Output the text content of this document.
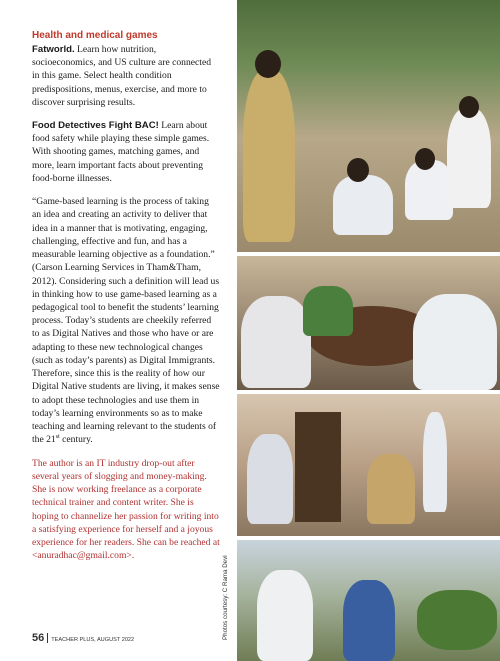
Health and medical games

Fatworld. Learn how nutrition, socioeconomics, and US culture are connected in this game. Select health condition predispositions, menus, exercise, and more to discover surprising results.

Food Detectives Fight BAC! Learn about food safety while playing these simple games. With shooting games, matching games, and more, learn important facts about preventing food-borne illnesses.

“Game-based learning is the process of taking an idea and creating an activity to deliver that idea in a manner that is motivating, engaging, challenging, effective and fun, and has a measurable learning objective as a foundation.” (Carson Learning Services in Tham&Tham, 2012). Considering such a definition will lead us in thinking how to use game-based learning as a pedagogical tool to benefit the students’ learning process. Today’s students are cheekily referred to as Digital Natives and those who have or are adapting to these new technological changes (such as today’s parents) as Digital Immigrants. Therefore, since this is the reality of how our Digital Native students are living, it makes sense to adopt these technologies and use them in today’s learning environments so as to make teaching and learning relevant to the students of the 21st century.

The author is an IT industry drop-out after several years of slogging and money-making. She is now working freelance as a corporate technical trainer and content writer. She is hoping to channelize her passion for writing into a satisfying experience for herself and a joyous experience for her readers. She can be reached at <anuradhac@gmail.com>.	Photos courtesy: C Rama Devi
56 TEACHER PLUS, AUGUST 2022
